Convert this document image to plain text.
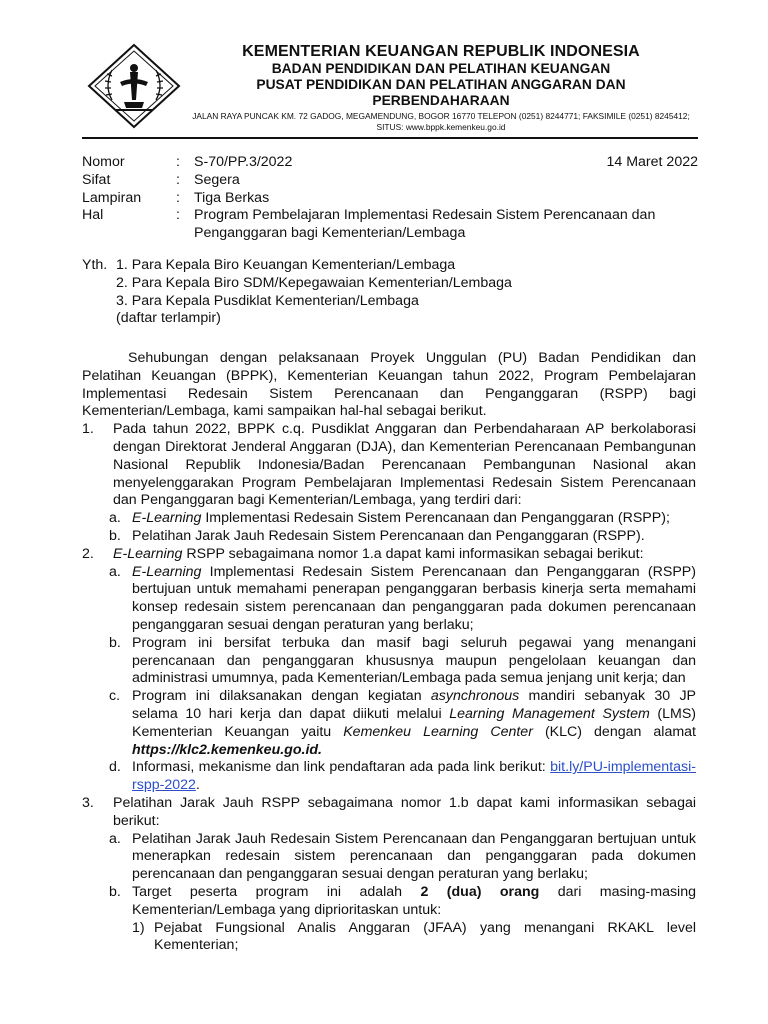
KEMENTERIAN KEUANGAN REPUBLIK INDONESIA
BADAN PENDIDIKAN DAN PELATIHAN KEUANGAN
PUSAT PENDIDIKAN DAN PELATIHAN ANGGARAN DAN PERBENDAHARAAN
JALAN RAYA PUNCAK KM. 72 GADOG, MEGAMENDUNG, BOGOR 16770 TELEPON (0251) 8244771; FAKSIMILE (0251) 8245412; SITUS: www.bppk.kemenkeu.go.id
14 Maret 2022
Nomor	: S-70/PP.3/2022
Sifat	: Segera
Lampiran	: Tiga Berkas
Hal	: Program Pembelajaran Implementasi Redesain Sistem Perencanaan dan Penganggaran bagi Kementerian/Lembaga
Yth. 1. Para Kepala Biro Keuangan Kementerian/Lembaga
2. Para Kepala Biro SDM/Kepegawaian Kementerian/Lembaga
3. Para Kepala Pusdiklat Kementerian/Lembaga
(daftar terlampir)

Sehubungan dengan pelaksanaan Proyek Unggulan (PU) Badan Pendidikan dan Pelatihan Keuangan (BPPK), Kementerian Keuangan tahun 2022, Program Pembelajaran Implementasi Redesain Sistem Perencanaan dan Penganggaran (RSPP) bagi Kementerian/Lembaga, kami sampaikan hal-hal sebagai berikut.

1.	Pada tahun 2022, BPPK c.q. Pusdiklat Anggaran dan Perbendaharaan AP berkolaborasi dengan Direktorat Jenderal Anggaran (DJA), dan Kementerian Perencanaan Pembangunan Nasional Republik Indonesia/Badan Perencanaan Pembangunan Nasional akan menyelenggarakan Program Pembelajaran Implementasi Redesain Sistem Perencanaan dan Penganggaran bagi Kementerian/Lembaga, yang terdiri dari:
a. E-Learning Implementasi Redesain Sistem Perencanaan dan Penganggaran (RSPP);
b. Pelatihan Jarak Jauh Redesain Sistem Perencanaan dan Penganggaran (RSPP).
2.	E-Learning RSPP sebagaimana nomor 1.a dapat kami informasikan sebagai berikut:
a. E-Learning Implementasi Redesain Sistem Perencanaan dan Penganggaran (RSPP) bertujuan untuk memahami penerapan penganggaran berbasis kinerja serta memahami konsep redesain sistem perencanaan dan penganggaran pada dokumen perencanaan penganggaran sesuai dengan peraturan yang berlaku;
b. Program ini bersifat terbuka dan masif bagi seluruh pegawai yang menangani perencanaan dan penganggaran khususnya maupun pengelolaan keuangan dan administrasi umumnya, pada Kementerian/Lembaga pada semua jenjang unit kerja; dan
c. Program ini dilaksanakan dengan kegiatan asynchronous mandiri sebanyak 30 JP selama 10 hari kerja dan dapat diikuti melalui Learning Management System (LMS) Kementerian Keuangan yaitu Kemenkeu Learning Center (KLC) dengan alamat https://klc2.kemenkeu.go.id.
d. Informasi, mekanisme dan link pendaftaran ada pada link berikut: bit.ly/PU-implementasi-rspp-2022.
3.	Pelatihan Jarak Jauh RSPP sebagaimana nomor 1.b dapat kami informasikan sebagai berikut:
a. Pelatihan Jarak Jauh Redesain Sistem Perencanaan dan Penganggaran bertujuan untuk menerapkan redesain sistem perencanaan dan penganggaran pada dokumen perencanaan dan penganggaran sesuai dengan peraturan yang berlaku;
b. Target peserta program ini adalah 2 (dua) orang dari masing-masing Kementerian/Lembaga yang diprioritaskan untuk:
1) Pejabat Fungsional Analis Anggaran (JFAA) yang menangani RKAKL level Kementerian;
